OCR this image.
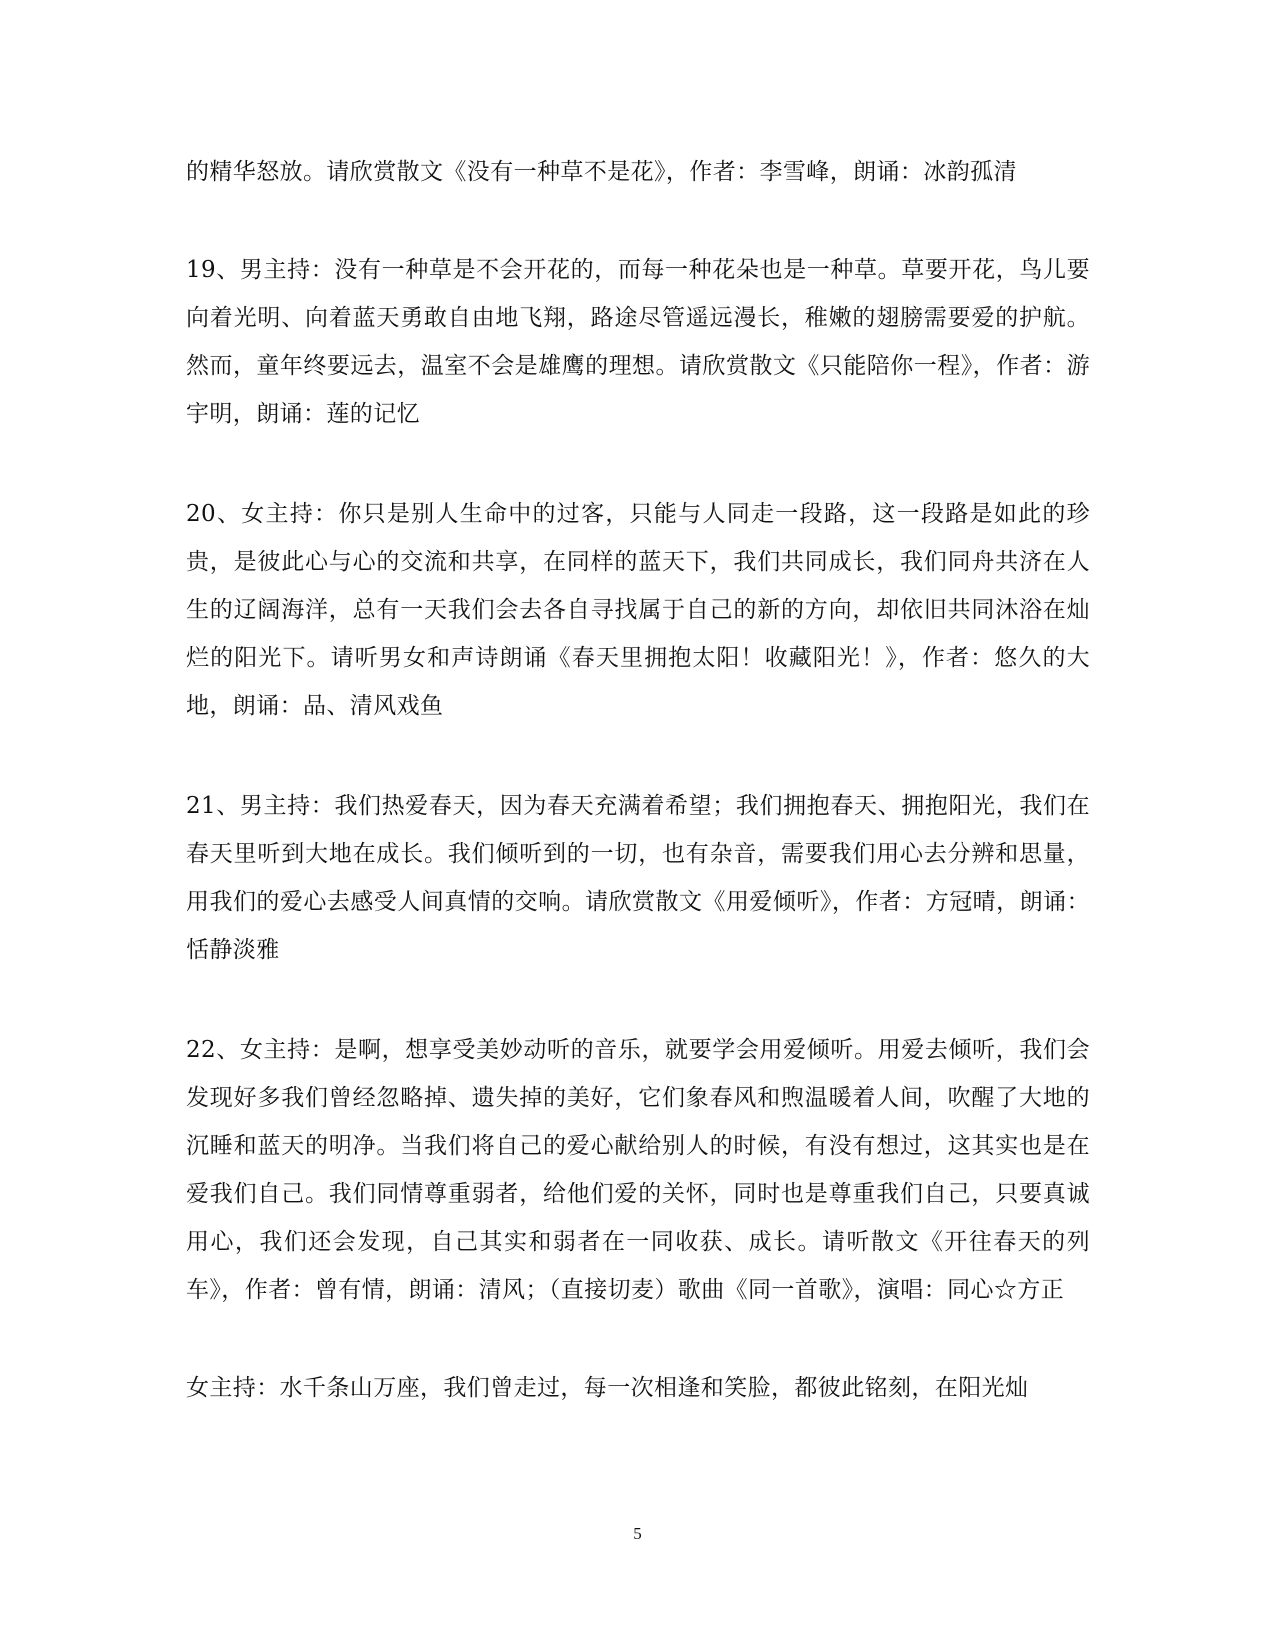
的精华怒放。请欣赏散文《没有一种草不是花》，作者：李雪峰，朗诵：冰韵孤清

19、男主持：没有一种草是不会开花的，而每一种花朵也是一种草。草要开花，鸟儿要向着光明、向着蓝天勇敢自由地飞翔，路途尽管遥远漫长，稚嫩的翅膀需要爱的护航。然而，童年终要远去，温室不会是雄鹰的理想。请欣赏散文《只能陪你一程》，作者：游宇明，朗诵：莲的记忆

20、女主持：你只是别人生命中的过客，只能与人同走一段路，这一段路是如此的珍贵，是彼此心与心的交流和共享，在同样的蓝天下，我们共同成长，我们同舟共济在人生的辽阔海洋，总有一天我们会去各自寻找属于自己的新的方向，却依旧共同沐浴在灿烂的阳光下。请听男女和声诗朗诵《春天里拥抱太阳！收藏阳光！》，作者：悠久的大地，朗诵：品、清风戏鱼

21、男主持：我们热爱春天，因为春天充满着希望；我们拥抱春天、拥抱阳光，我们在春天里听到大地在成长。我们倾听到的一切，也有杂音，需要我们用心去分辨和思量，用我们的爱心去感受人间真情的交响。请欣赏散文《用爱倾听》，作者：方冠晴，朗诵：恬静淡雅

22、女主持：是啊，想享受美妙动听的音乐，就要学会用爱倾听。用爱去倾听，我们会发现好多我们曾经忽略掉、遗失掉的美好，它们象春风和煦温暖着人间，吹醒了大地的沉睡和蓝天的明净。当我们将自己的爱心献给别人的时候，有没有想过，这其实也是在爱我们自己。我们同情尊重弱者，给他们爱的关怀，同时也是尊重我们自己，只要真诚用心，我们还会发现，自己其实和弱者在一同收获、成长。请听散文《开往春天的列车》，作者：曾有情，朗诵：清风；（直接切麦）歌曲《同一首歌》，演唱：同心☆方正

女主持：水千条山万座，我们曾走过，每一次相逢和笑脸，都彼此铭刻，在阳光灿

5
